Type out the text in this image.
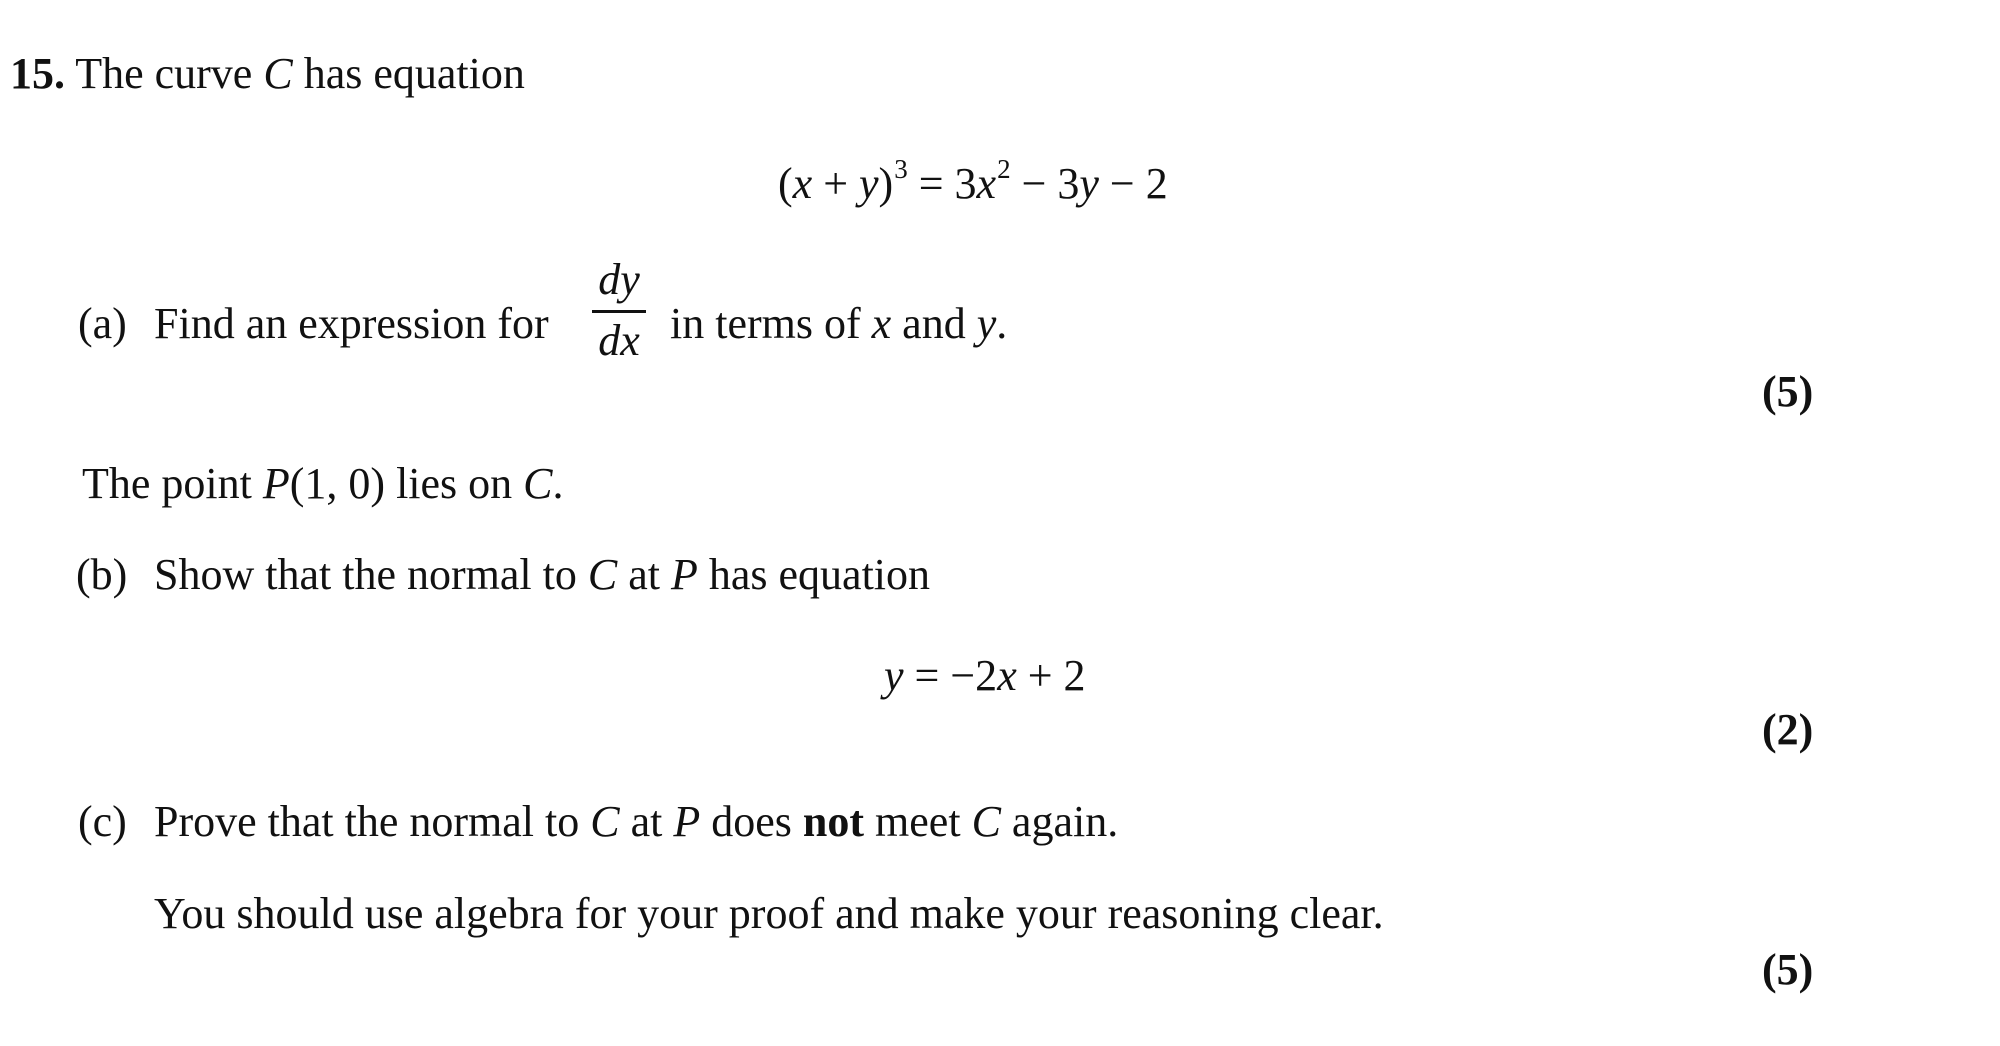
15. The curve C has equation
$(x + y)^3 = 3x^2 - 3y - 2$
(a) Find an expression for
dy
dx in terms of x and y.
(5)
The point P(1, 0) lies on C.
(b) Show that the normal to C at P has equation
y = −2x + 2
(2)
(c) Prove that the normal to C at P does not meet C again.
You should use algebra for your proof and make your reasoning clear.
(5)
